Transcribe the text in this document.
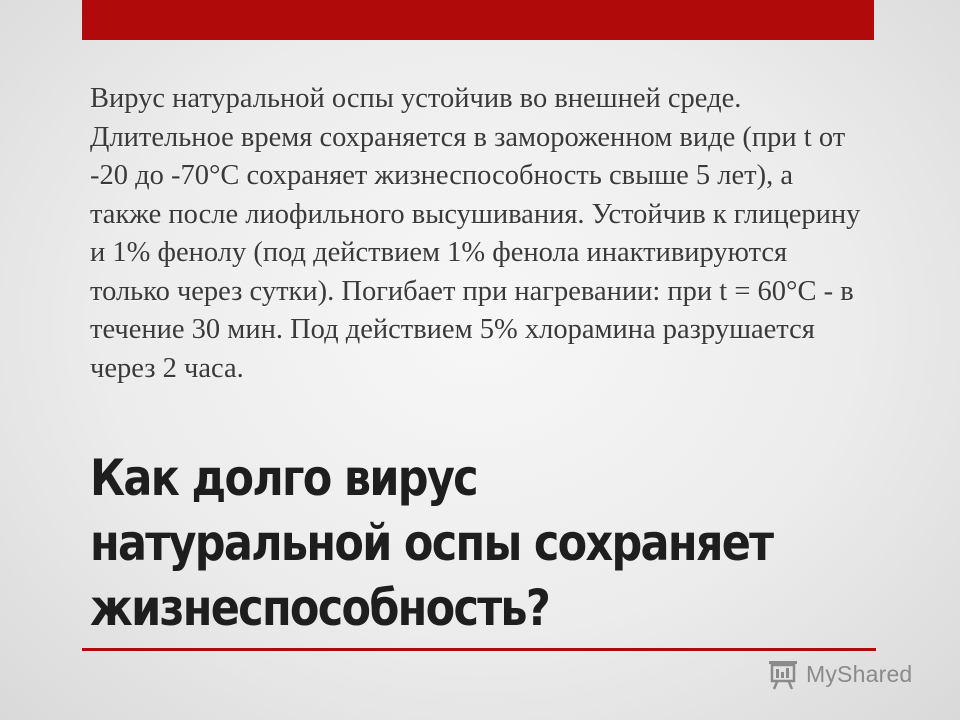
Вирус натуральной оспы устойчив во внешней среде. Длительное время сохраняется в замороженном виде (при t от -20 до -70°C сохраняет жизнеспособность свыше 5 лет), а также после лиофильного высушивания. Устойчив к глицерину и 1% фенолу (под действием 1% фенола инактивируются только через сутки). Погибает при нагревании: при t = 60°C - в течение 30 мин. Под действием 5% хлорамина разрушается через 2 часа.

Как долго вирус натуральной оспы сохраняет жизнеспособность?
MyShared
